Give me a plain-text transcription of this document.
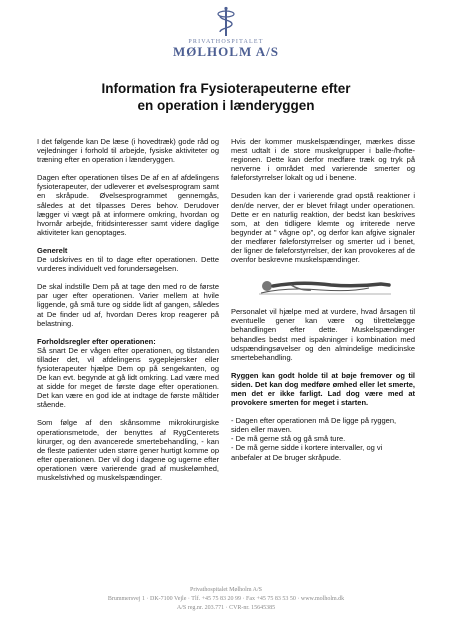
PRIVATHOSPITALET
MØLHOLM A/S
Information fra Fysioterapeuterne efter
en operation i lænderyggen

I det følgende kan De læse (i hovedtræk) gode råd og vejledninger i forhold til arbejde, fysiske aktiviteter og træning efter en operation i lænderyggen.

Dagen efter operationen tilses De af en af afdelingens fysioterapeuter, der udleverer et øvelsesprogram samt en skråpude. Øvelsesprogrammet gennemgås, således at det tilpasses Deres behov. Derudover lægger vi vægt på at informere omkring, hvordan og hvornår arbejde, fritidsinteresser samt videre daglige aktiviteter kan genoptages.

Generelt

De udskrives en til to dage efter operationen. Dette vurderes individuelt ved forundersøgelsen.

De skal indstille Dem på at tage den med ro de første par uger efter operationen. Varier mellem at hvile liggende, gå små ture og sidde lidt af gangen, således at De finder ud af, hvordan Deres krop reagerer på belastning.

Forholdsregler efter operationen:

Så snart De er vågen efter operationen, og tilstanden tillader det, vil afdelingens sygeplejersker eller fysioterapeuter hjælpe Dem op på sengekanten, og De kan evt. begynde at gå lidt omkring. Lad være med at sidde for meget de første dage efter operationen. Det kan være en god ide at indtage de første måltider stående.

Som følge af den skånsomme mikrokirurgiske operationsmetode, der benyttes af RygCenterets kirurger, og den avancerede smertebehandling, - kan de fleste patienter uden større gener hurtigt komme op efter operationen. Der vil dog i dagene og ugerne efter operationen være varierende grad af muskelømhed, muskelstivhed og muskelspændinger.

Hvis der kommer muskelspændinger, mærkes disse mest udtalt i de store muskelgrupper i balle-/hofte-regionen. Dette kan derfor medføre træk og tryk på nerverne i området med varierende smerter og føleforstyrrelser lokalt og ud i benene.

Desuden kan der i varierende grad opstå reaktioner i den/de nerver, der er blevet frilagt under operationen. Dette er en naturlig reaktion, der bedst kan beskrives som, at den tidligere klemte og irriterede nerve begynder at " vågne op", og derfor kan afgive signaler der medfører føleforstyrrelser og smerter ud i benet, der ligner de føleforstyrrelser, der kan provokeres af de ovenfor beskrevne muskelspændinger.

Personalet vil hjælpe med at vurdere, hvad årsagen til eventuelle gener kan være og tilrettelægge behandlingen efter dette. Muskelspændinger behandles bedst med ispakninger i kombination med udspændingsøvelser og den almindelige medicinske smertebehandling.

Ryggen kan godt holde til at bøje fremover og til siden. Det kan dog medføre ømhed eller let smerte, men det er ikke farligt. Lad dog være med at provokere smerten for meget i starten.

- Dagen efter operationen må De ligge på ryggen, siden eller maven.

- De må gerne stå og gå små ture.

- De må gerne sidde i kortere intervaller, og vi anbefaler at De bruger skråpude.

Privathospitalet Mølholm A/S
Brummersvej 1 · DK-7100 Vejle · Tlf. +45 75 83 20 99 · Fax +45 75 83 53 50 · www.molholm.dk
A/S reg.nr. 203.771 · CVR-nr. 15645385
